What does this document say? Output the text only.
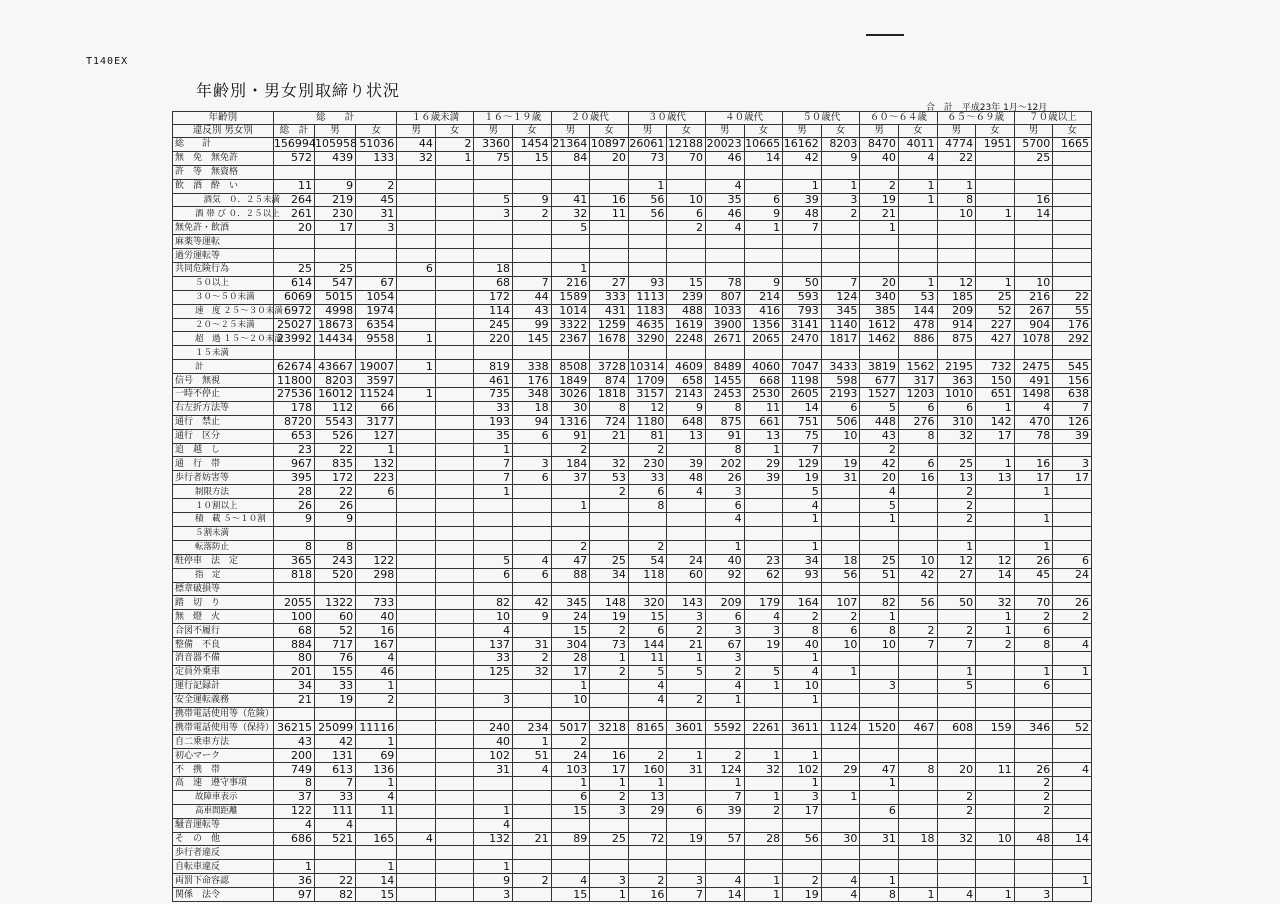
T140EX
年齢別・男女別取締り状況
合 計 平成23年 1月～12月
年齢別	総　　計			１６歳未満		１６～１９歳		２０歳代		３０歳代		４０歳代		５０歳代		６０～６４歳		６５～６９歳		７０歳以上	
違反別 男女別	総　計	男	女	男	女	男	女	男	女	男	女	男	女	男	女	男	女	男	女	男	女
総　　計	156994	105958	51036	44	2	3360	1454	21364	10897	26061	12188	20023	10665	16162	8203	8470	4011	4774	1951	5700	1665
無　免　無免許	572	439	133	32	1	75	15	84	20	73	70	46	14	42	9	40	4	22		25	
許　等　無資格																					
飲　酒　酔　い	11	9	2							1		4		1	1	2	1	1			
　酒気　０．２５未満	264	219	45			5	9	41	16	56	10	35	6	39	3	19	1	8		16	
酒 帯 び ０．２５以上	261	230	31			3	2	32	11	56	6	46	9	48	2	21		10	1	14	
無免許・飲酒	20	17	3					5			2	4	1	7		1					
麻薬等運転																					
過労運転等																					
共同危険行為	25	25		6		18		1													
５０以上	614	547	67			68	7	216	27	93	15	78	9	50	7	20	1	12	1	10	
３０～５０未満	6069	5015	1054			172	44	1589	333	1113	239	807	214	593	124	340	53	185	25	216	22
速　度 ２５～３０未満	6972	4998	1974			114	43	1014	431	1183	488	1033	416	793	345	385	144	209	52	267	55
２０～２５未満	25027	18673	6354			245	99	3322	1259	4635	1619	3900	1356	3141	1140	1612	478	914	227	904	176
超　過 １５～２０未満	23992	14434	9558	1		220	145	2367	1678	3290	2248	2671	2065	2470	1817	1462	886	875	427	1078	292
１５未満																					
計	62674	43667	19007	1		819	338	8508	3728	10314	4609	8489	4060	7047	3433	3819	1562	2195	732	2475	545
信号　無視	11800	8203	3597			461	176	1849	874	1709	658	1455	668	1198	598	677	317	363	150	491	156
一時不停止	27536	16012	11524	1		735	348	3026	1818	3157	2143	2453	2530	2605	2193	1527	1203	1010	651	1498	638
右左折方法等	178	112	66			33	18	30	8	12	9	8	11	14	6	5	6	6	1	4	7
通行　禁止	8720	5543	3177			193	94	1316	724	1180	648	875	661	751	506	448	276	310	142	470	126
通行　区分	653	526	127			35	6	91	21	81	13	91	13	75	10	43	8	32	17	78	39
追　越　し	23	22	1			1		2		2		8	1	7		2					
通　行　帯	967	835	132			7	3	184	32	230	39	202	29	129	19	42	6	25	1	16	3
歩行者妨害等	395	172	223			7	6	37	53	33	48	26	39	19	31	20	16	13	13	17	17
制限方法	28	22	6			1			2	6	4	3		5		4		2		1	
１０割以上	26	26						1		8		6		4		5		2			
積　載 ５～１０割	9	9										4		1		1		2		1	
５割未満																					
転落防止	8	8						2		2		1		1				1		1	
駐停車　法　定	365	243	122			5	4	47	25	54	24	40	23	34	18	25	10	12	12	26	6
指　定	818	520	298			6	6	88	34	118	60	92	62	93	56	51	42	27	14	45	24
標章破損等																					
踏　切　り	2055	1322	733			82	42	345	148	320	143	209	179	164	107	82	56	50	32	70	26
無　燈　火	100	60	40			10	9	24	19	15	3	6	4	2	2	1			1	2	2
合図不履行	68	52	16			4		15	2	6	2	3	3	8	6	8	2	2	1	6	
整備　不良	884	717	167			137	31	304	73	144	21	67	19	40	10	10	7	7	2	8	4
消音器不備	80	76	4			33	2	28	1	11	1	3		1							
定員外乗車	201	155	46			125	32	17	2	5	5	2	5	4	1			1		1	1
運行記録計	34	33	1					1		4		4	1	10		3		5		6	
安全運転義務	21	19	2			3		10		4	2	1		1							
携帯電話使用等（危険）																					
携帯電話使用等（保持）	36215	25099	11116			240	234	5017	3218	8165	3601	5592	2261	3611	1124	1520	467	608	159	346	52
自二乗車方法	43	42	1			40	1	2													
初心マーク	200	131	69			102	51	24	16	2	1	2	1	1							
不　携　帯	749	613	136			31	4	103	17	160	31	124	32	102	29	47	8	20	11	26	4
高　速　遵守事項	8	7	1					1	1	1		1		1		1				2	
故障車表示	37	33	4					6	2	13		7	1	3	1			2		2	
高車間距離	122	111	11			1		15	3	29	6	39	2	17		6		2		2	
騒音運転等	4	4				4															
そ　の　他	686	521	165	4		132	21	89	25	72	19	57	28	56	30	31	18	32	10	48	14
歩行者違反																					
自転車違反	1		1			1															
両罰下命容認	36	22	14			9	2	4	3	2	3	4	1	2	4	1					1
関係　法令	97	82	15			3		15	1	16	7	14	1	19	4	8	1	4	1	3	
